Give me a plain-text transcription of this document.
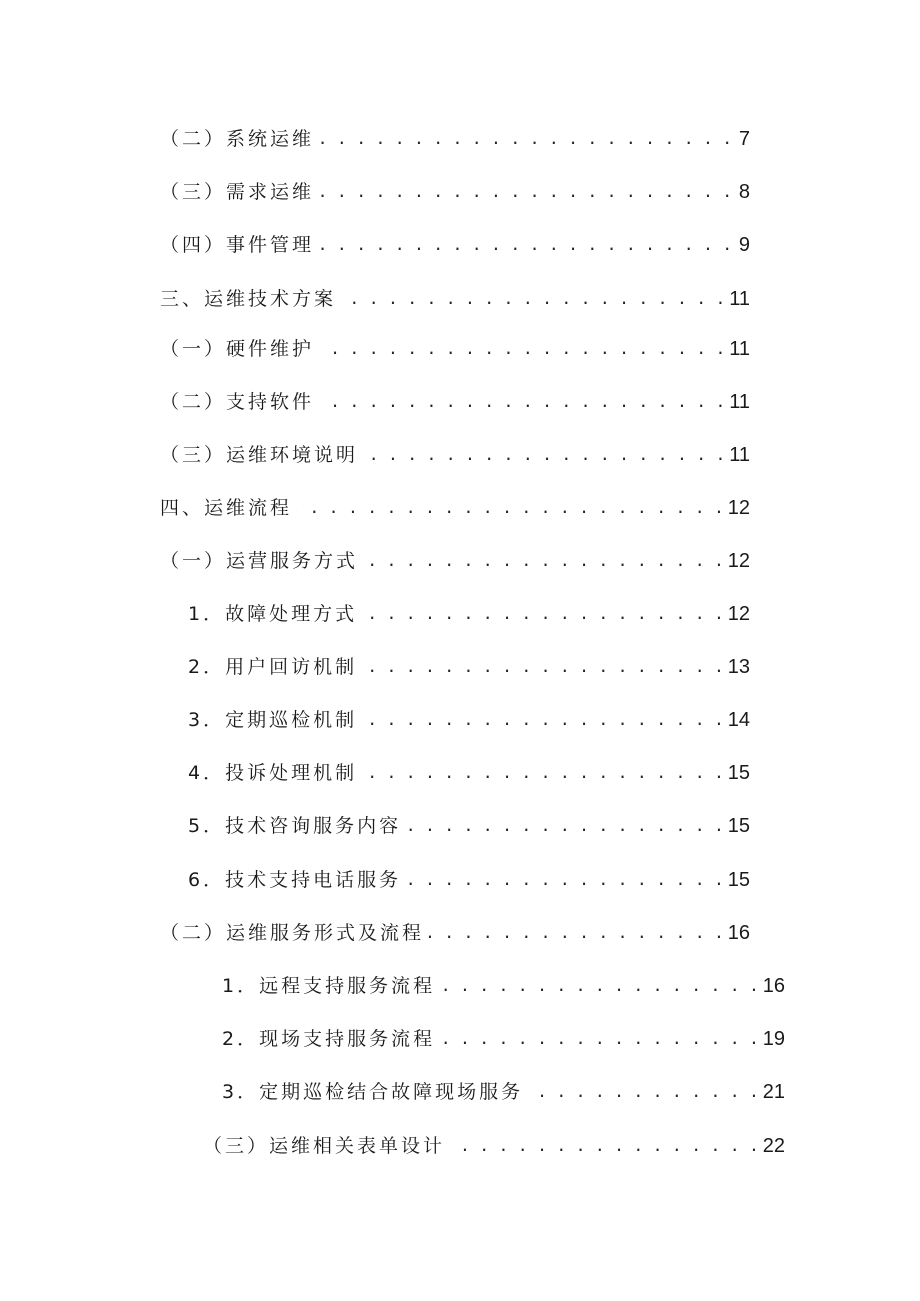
（二）系统运维 . . .	7
（三）需求运维 . . .	8
（四）事件管理 . . .	9
三、运维技术方案 . . .	11
（一）硬件维护 . . .	11
（二）支持软件 . . .	11
（三）运维环境说明 . . .	11
四、运维流程 . . .	12
（一）运营服务方式 . . .	12
1．故障处理方式 . . .	12
2．用户回访机制 . . .	13
3．定期巡检机制 . . .	14
4．投诉处理机制 . . .	15
5．技术咨询服务内容 . . .	15
6．技术支持电话服务 . . .	15
（二）运维服务形式及流程 . . .	16
1．远程支持服务流程 . . .	16
2．现场支持服务流程 . . .	19
3．定期巡检结合故障现场服务 . . .	21
（三）运维相关表单设计 . . .	22
